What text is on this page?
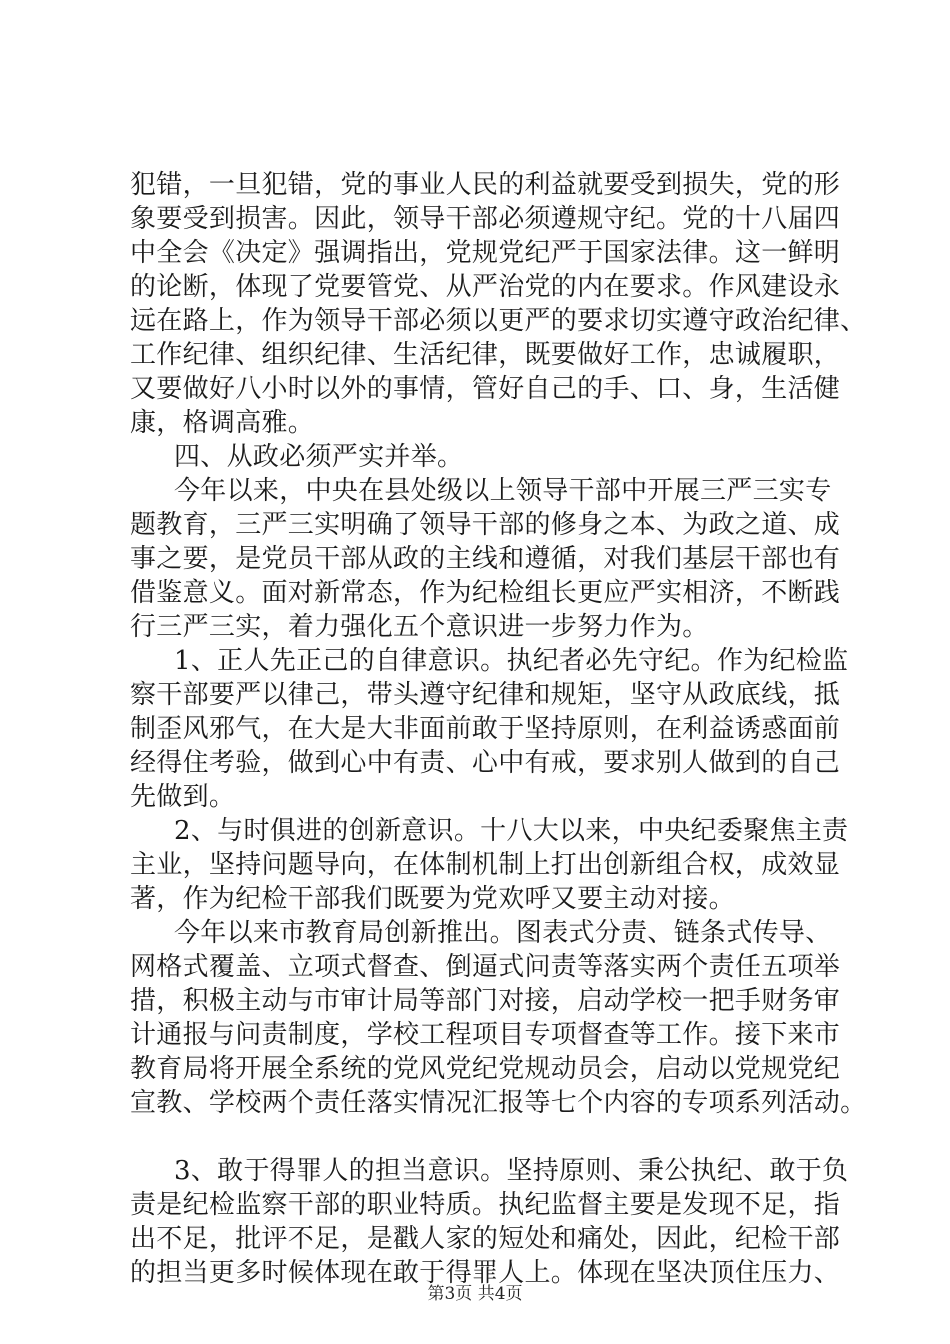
犯错，一旦犯错，党的事业人民的利益就要受到损失，党的形
象要受到损害。因此，领导干部必须遵规守纪。党的十八届四
中全会《决定》强调指出，党规党纪严于国家法律。这一鲜明
的论断，体现了党要管党、从严治党的内在要求。作风建设永
远在路上，作为领导干部必须以更严的要求切实遵守政治纪律、
工作纪律、组织纪律、生活纪律，既要做好工作，忠诚履职，
又要做好八小时以外的事情，管好自己的手、口、身，生活健
康，格调高雅。
四、从政必须严实并举。
今年以来，中央在县处级以上领导干部中开展三严三实专
题教育，三严三实明确了领导干部的修身之本、为政之道、成
事之要，是党员干部从政的主线和遵循，对我们基层干部也有
借鉴意义。面对新常态，作为纪检组长更应严实相济，不断践
行三严三实，着力强化五个意识进一步努力作为。
1、正人先正己的自律意识。执纪者必先守纪。作为纪检监
察干部要严以律己，带头遵守纪律和规矩，坚守从政底线，抵
制歪风邪气，在大是大非面前敢于坚持原则，在利益诱惑面前
经得住考验，做到心中有责、心中有戒，要求别人做到的自己
先做到。
2、与时俱进的创新意识。十八大以来，中央纪委聚焦主责
主业，坚持问题导向，在体制机制上打出创新组合权，成效显
著，作为纪检干部我们既要为党欢呼又要主动对接。
今年以来市教育局创新推出。图表式分责、链条式传导、
网格式覆盖、立项式督查、倒逼式问责等落实两个责任五项举
措，积极主动与市审计局等部门对接，启动学校一把手财务审
计通报与问责制度，学校工程项目专项督查等工作。接下来市
教育局将开展全系统的党风党纪党规动员会，启动以党规党纪
宣教、学校两个责任落实情况汇报等七个内容的专项系列活动。
3、敢于得罪人的担当意识。坚持原则、秉公执纪、敢于负
责是纪检监察干部的职业特质。执纪监督主要是发现不足，指
出不足，批评不足，是戳人家的短处和痛处，因此，纪检干部
的担当更多时候体现在敢于得罪人上。体现在坚决顶住压力、
第3页 共4页
